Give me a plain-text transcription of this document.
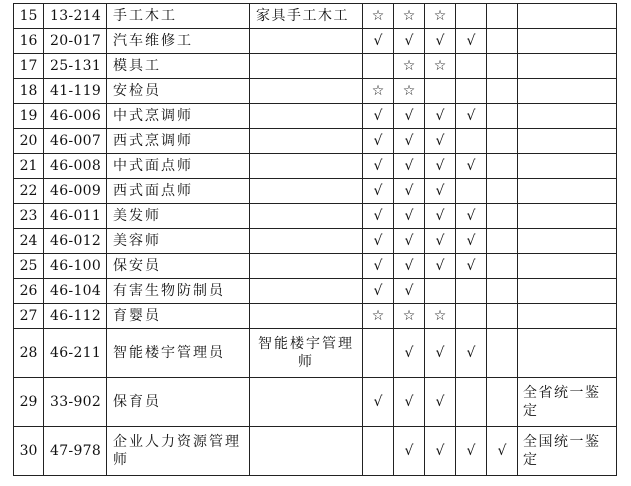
15	13-214	手工木工	家具手工木工	☆	☆	☆			
16	20-017	汽车维修工		√	√	√	√		
17	25-131	模具工			☆	☆			
18	41-119	安检员		☆	☆				
19	46-006	中式烹调师		√	√	√	√		
20	46-007	西式烹调师		√	√	√			
21	46-008	中式面点师		√	√	√	√		
22	46-009	西式面点师		√	√	√			
23	46-011	美发师		√	√	√	√		
24	46-012	美容师		√	√	√	√		
25	46-100	保安员		√	√	√	√		
26	46-104	有害生物防制员		√	√				
27	46-112	育婴员		☆	☆	☆			
28	46-211	智能楼宇管理员	智能楼宇管理师		√	√	√		
29	33-902	保育员		√	√	√			全省统一鉴定
30	47-978	企业人力资源管理师			√	√	√	√	全国统一鉴定
